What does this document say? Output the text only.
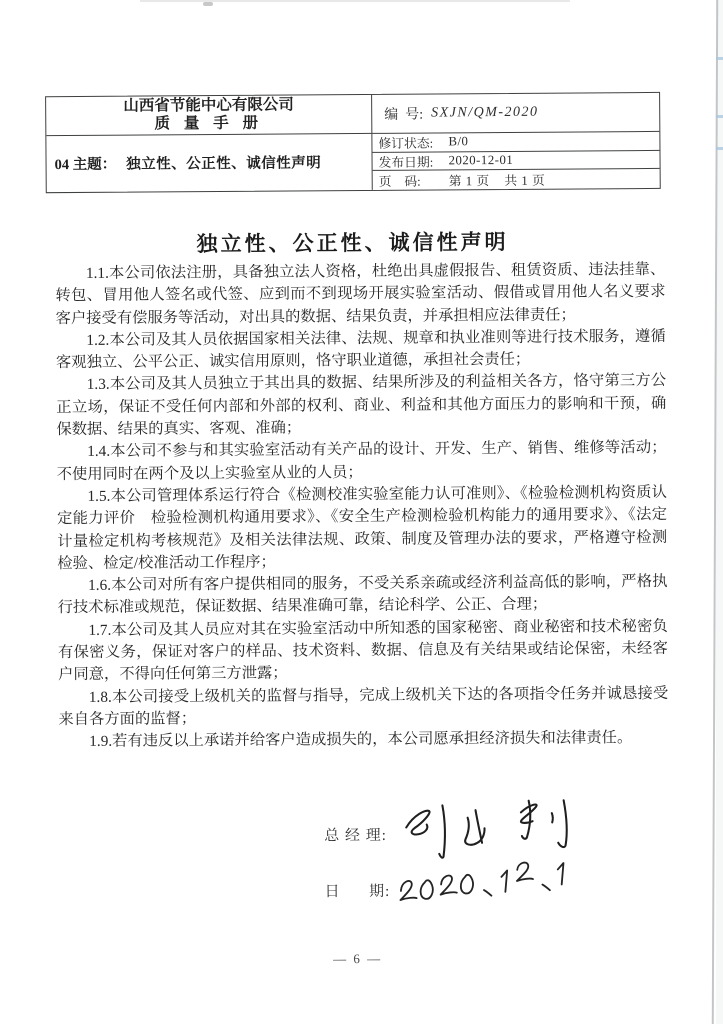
山西省节能中心有限公司
质 量 手 册	编  号: SXJN/QM-2020
04 主题： 独立性、公正性、诚信性声明
修订状态:	B/0
发布日期:	2020-12-01
页    码:	第 1 页    共 1 页
独立性、公正性、诚信性声明

1.1.本公司依法注册，具备独立法人资格，杜绝出具虚假报告、租赁资质、违法挂靠、转包、冒用他人签名或代签、应到而不到现场开展实验室活动、假借或冒用他人名义要求客户接受有偿服务等活动，对出具的数据、结果负责，并承担相应法律责任；

1.2.本公司及其人员依据国家相关法律、法规、规章和执业准则等进行技术服务，遵循客观独立、公平公正、诚实信用原则，恪守职业道德，承担社会责任；

1.3.本公司及其人员独立于其出具的数据、结果所涉及的利益相关各方，恪守第三方公正立场，保证不受任何内部和外部的权利、商业、利益和其他方面压力的影响和干预，确保数据、结果的真实、客观、准确；

1.4.本公司不参与和其实验室活动有关产品的设计、开发、生产、销售、维修等活动；不使用同时在两个及以上实验室从业的人员；

1.5.本公司管理体系运行符合《检测校准实验室能力认可准则》、《检验检测机构资质认定能力评价　检验检测机构通用要求》、《安全生产检测检验机构能力的通用要求》、《法定计量检定机构考核规范》及相关法律法规、政策、制度及管理办法的要求，严格遵守检测检验、检定/校准活动工作程序；

1.6.本公司对所有客户提供相同的服务，不受关系亲疏或经济利益高低的影响，严格执行技术标准或规范，保证数据、结果准确可靠，结论科学、公正、合理；

1.7.本公司及其人员应对其在实验室活动中所知悉的国家秘密、商业秘密和技术秘密负有保密义务，保证对客户的样品、技术资料、数据、信息及有关结果或结论保密，未经客户同意，不得向任何第三方泄露；

1.8.本公司接受上级机关的监督与指导，完成上级机关下达的各项指令任务并诚恳接受来自各方面的监督；

1.9.若有违反以上承诺并给客户造成损失的，本公司愿承担经济损失和法律责任。

总 经 理:
日      期:
— 6 —
